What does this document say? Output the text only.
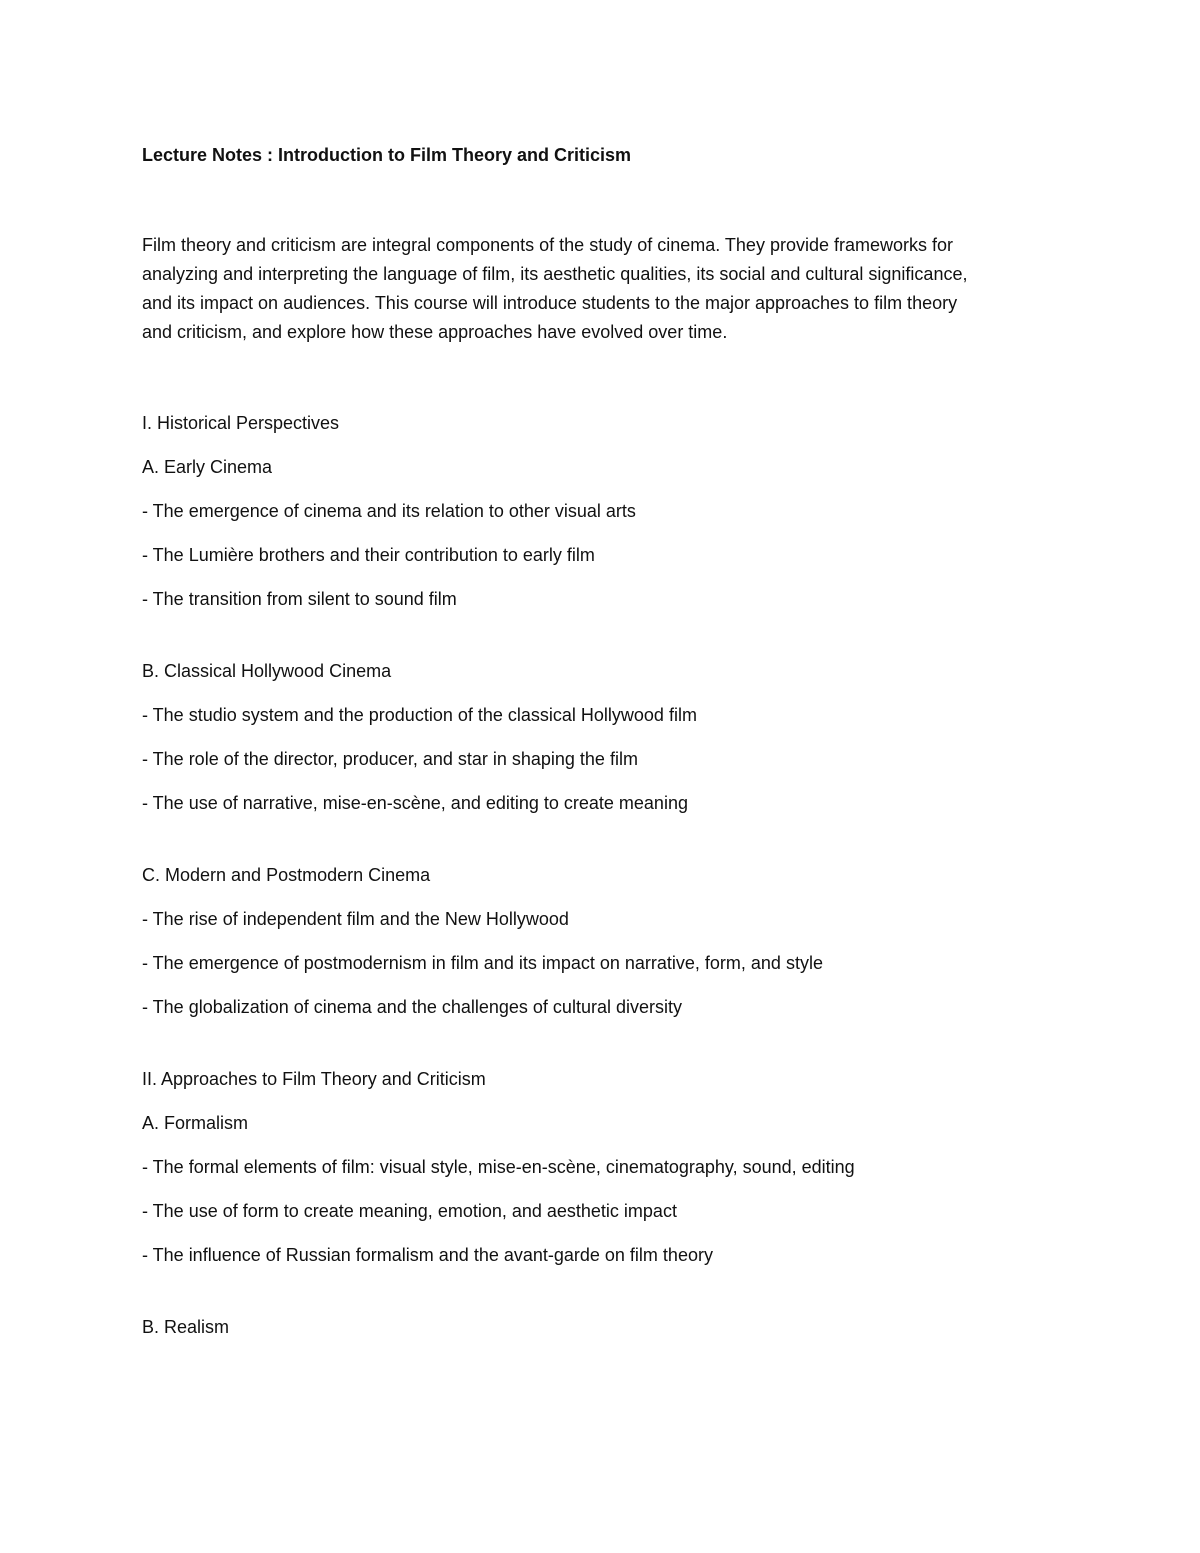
Lecture Notes : Introduction to Film Theory and Criticism

Film theory and criticism are integral components of the study of cinema. They provide frameworks for
analyzing and interpreting the language of film, its aesthetic qualities, its social and cultural significance,
and its impact on audiences. This course will introduce students to the major approaches to film theory
and criticism, and explore how these approaches have evolved over time.

I. Historical Perspectives
A. Early Cinema
- The emergence of cinema and its relation to other visual arts
- The Lumière brothers and their contribution to early film
- The transition from silent to sound film
B. Classical Hollywood Cinema
- The studio system and the production of the classical Hollywood film
- The role of the director, producer, and star in shaping the film
- The use of narrative, mise-en-scène, and editing to create meaning
C. Modern and Postmodern Cinema
- The rise of independent film and the New Hollywood
- The emergence of postmodernism in film and its impact on narrative, form, and style
- The globalization of cinema and the challenges of cultural diversity
II. Approaches to Film Theory and Criticism
A. Formalism
- The formal elements of film: visual style, mise-en-scène, cinematography, sound, editing
- The use of form to create meaning, emotion, and aesthetic impact
- The influence of Russian formalism and the avant-garde on film theory
B. Realism
